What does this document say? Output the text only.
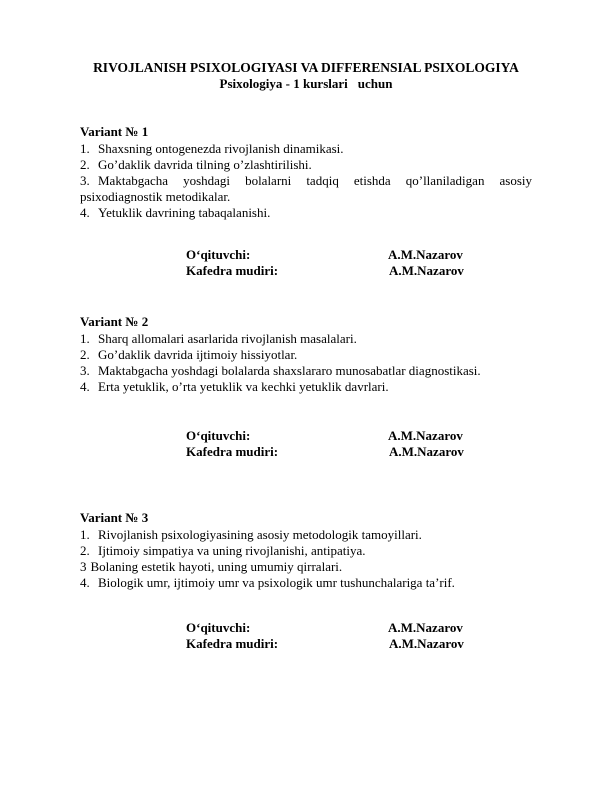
RIVOJLANISH PSIXOLOGIYASI VA DIFFERENSIAL PSIXOLOGIYA
Psixologiya - 1 kurslari uchun
Variant № 1

1. Shaxsning ontogenezda rivojlanish dinamikasi.

2. Go’daklik davrida tilning o’zlashtirilishi.

3. Maktabgacha yoshdagi bolalarni tadqiq etishda qo’llaniladigan asosiy

psixodiagnostik metodikalar.

4. Yetuklik davrining tabaqalanishi.

O‘qituvchi:	A.M.Nazarov
Kafedra mudiri:	A.M.Nazarov
Variant № 2

1. Sharq allomalari asarlarida rivojlanish masalalari.

2. Go’daklik davrida ijtimoiy hissiyotlar.

3. Maktabgacha yoshdagi bolalarda shaxslararo munosabatlar diagnostikasi.

4. Erta yetuklik, o’rta yetuklik va kechki yetuklik davrlari.

O‘qituvchi:	A.M.Nazarov
Kafedra mudiri:	A.M.Nazarov
Variant № 3

1. Rivojlanish psixologiyasining asosiy metodologik tamoyillari.

2. Ijtimoiy simpatiya va uning rivojlanishi, antipatiya.

3 Bolaning estetik hayoti, uning umumiy qirralari.

4. Biologik umr, ijtimoiy umr va psixologik umr tushunchalariga ta’rif.

O‘qituvchi:	A.M.Nazarov
Kafedra mudiri:	A.M.Nazarov
